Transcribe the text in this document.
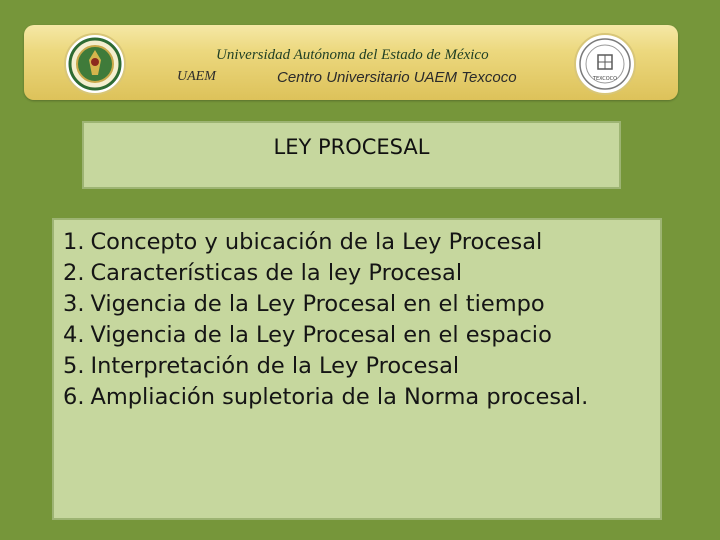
Universidad Autónoma del Estado de México
UAEM	Centro Universitario UAEM Texcoco	TEXCOCO
LEY PROCESAL
1. Concepto y ubicación de la Ley Procesal
2. Características de la ley Procesal
3. Vigencia de la Ley Procesal en el tiempo
4. Vigencia de la Ley Procesal en el espacio
5. Interpretación de la Ley Procesal
6. Ampliación supletoria de la Norma procesal.
